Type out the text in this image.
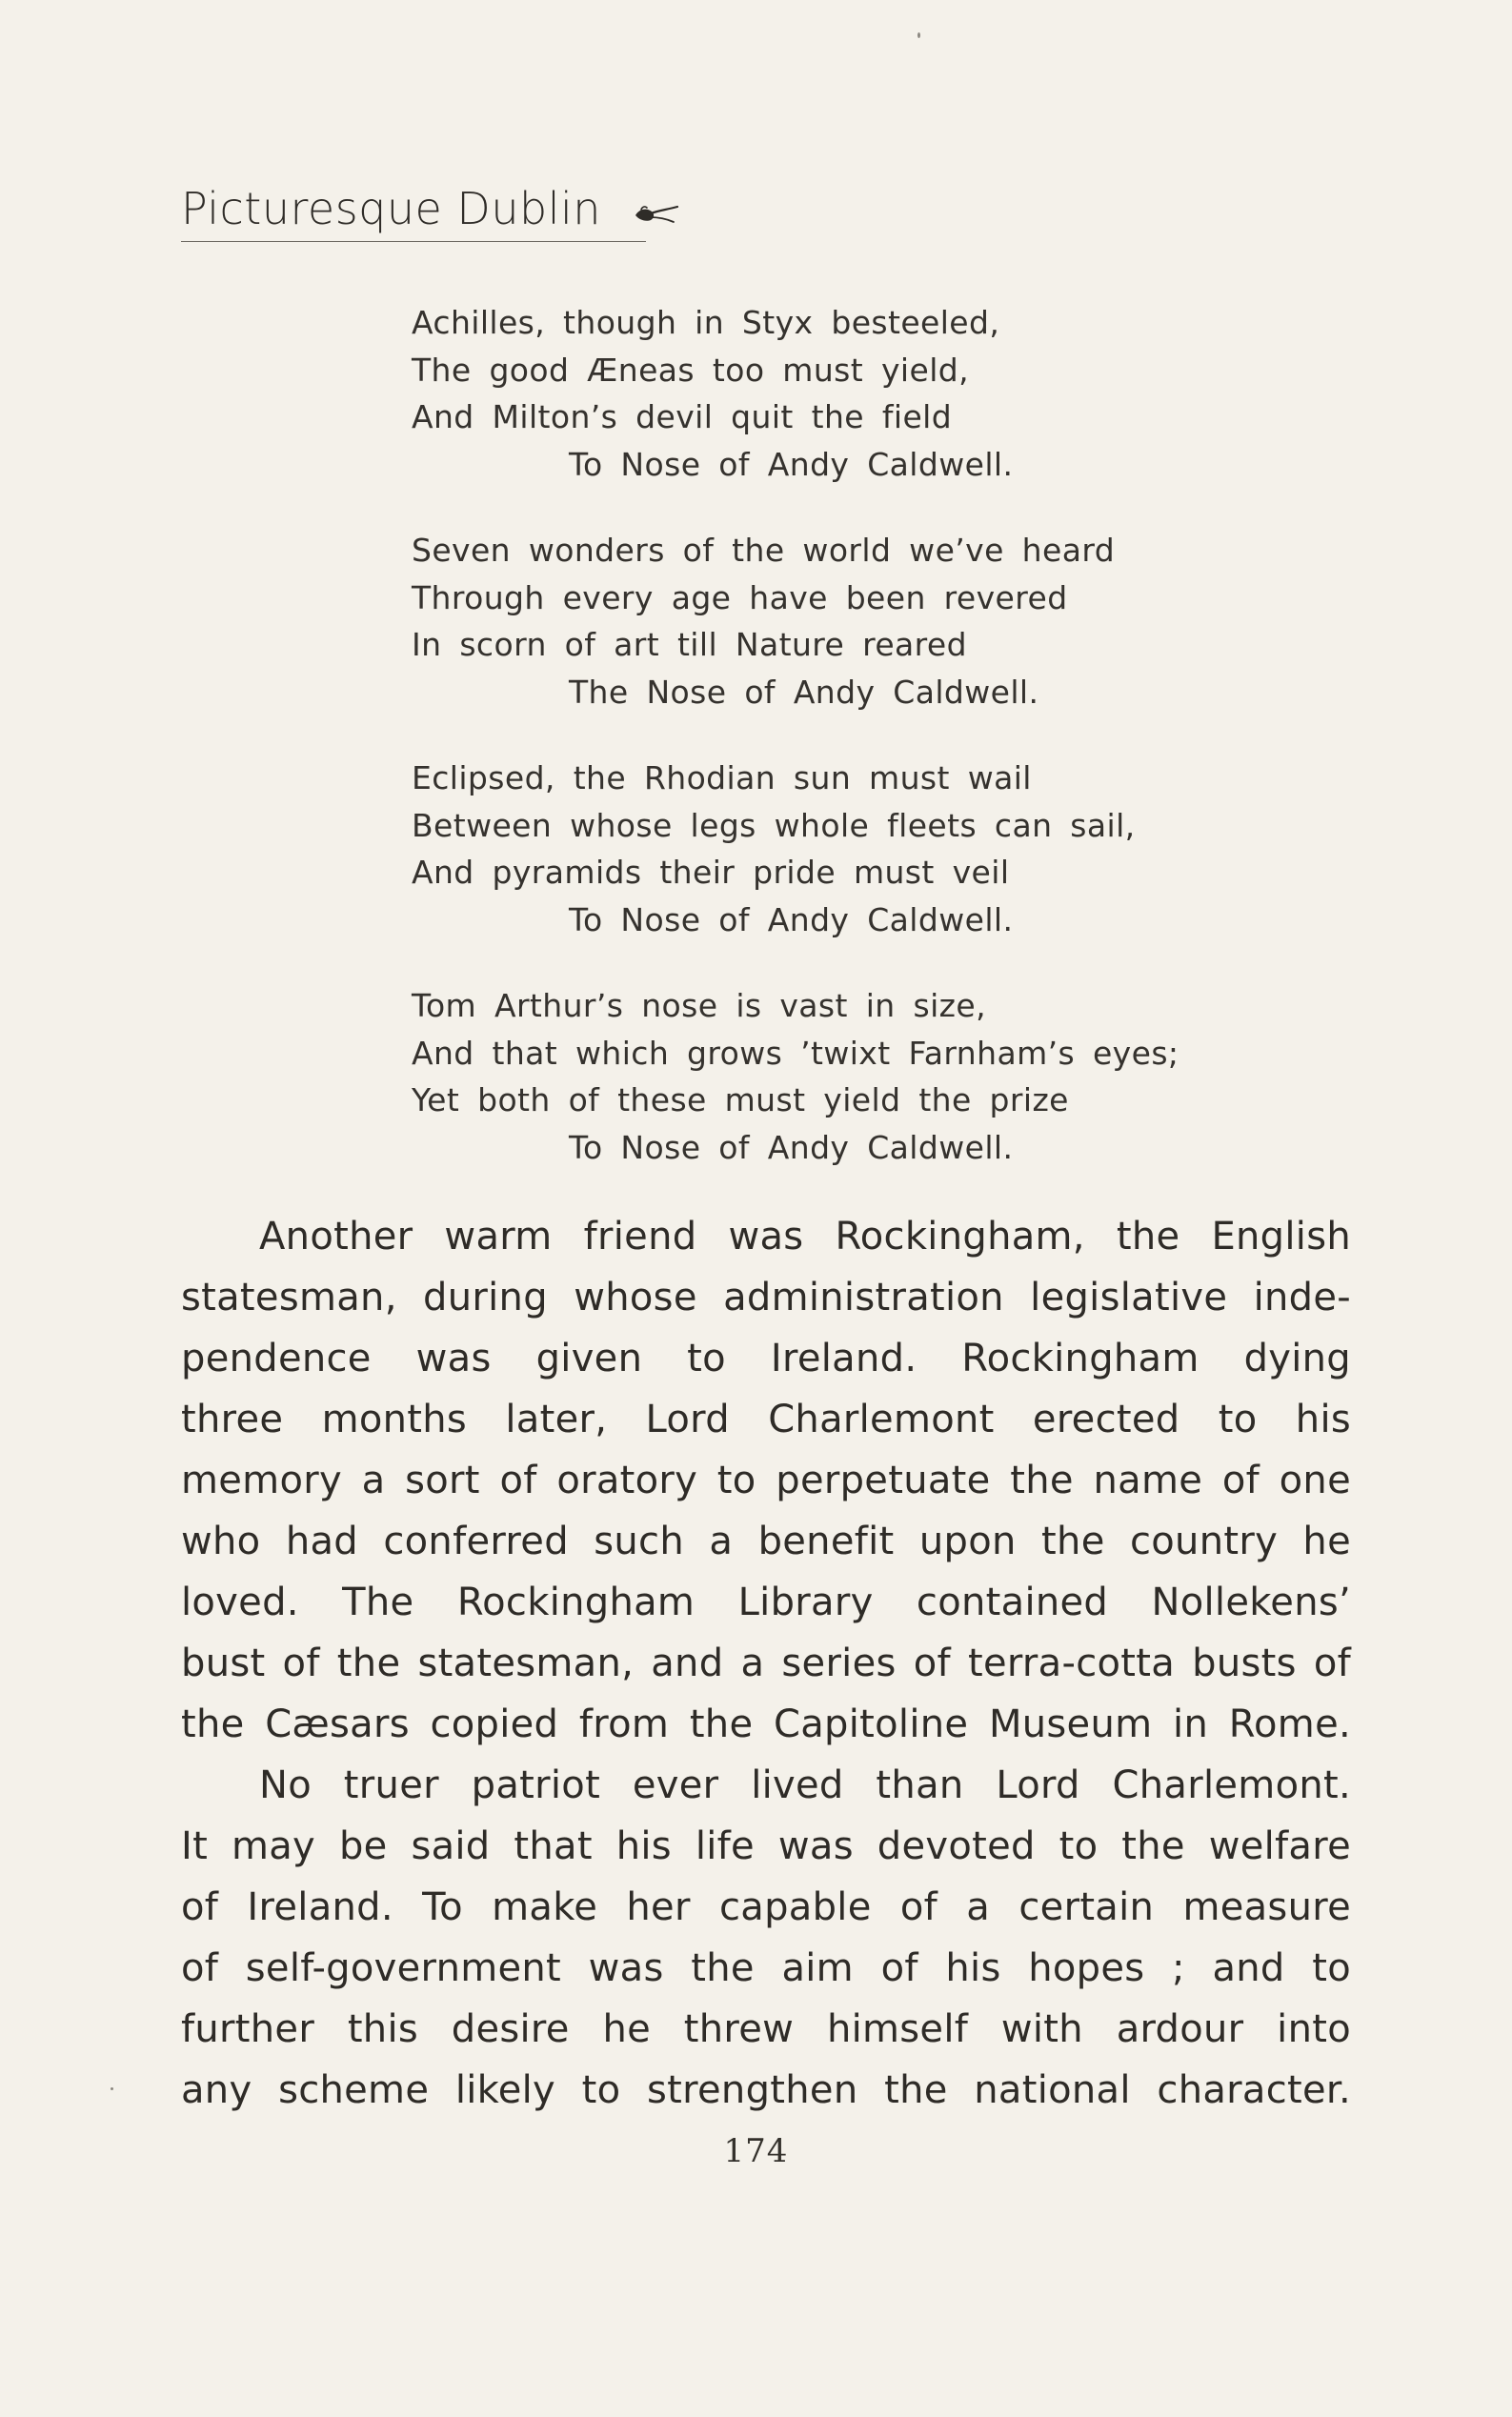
Picturesque Dublin
Achilles, though in Styx besteeled,
The good Æneas too must yield,
And Milton’s devil quit the field
To Nose of Andy Caldwell.
Seven wonders of the world we’ve heard
Through every age have been revered
In scorn of art till Nature reared
The Nose of Andy Caldwell.
Eclipsed, the Rhodian sun must wail
Between whose legs whole fleets can sail,
And pyramids their pride must veil
To Nose of Andy Caldwell.
Tom Arthur’s nose is vast in size,
And that which grows ’twixt Farnham’s eyes;
Yet both of these must yield the prize
To Nose of Andy Caldwell.
Another warm friend was Rockingham, the English
statesman, during whose administration legislative inde-
pendence was given to Ireland. Rockingham dying
three months later, Lord Charlemont erected to his
memory a sort of oratory to perpetuate the name of one
who had conferred such a benefit upon the country he
loved. The Rockingham Library contained Nollekens’
bust of the statesman, and a series of terra-cotta busts of
the Cæsars copied from the Capitoline Museum in Rome.
No truer patriot ever lived than Lord Charlemont.
It may be said that his life was devoted to the welfare
of Ireland. To make her capable of a certain measure
of self-government was the aim of his hopes ; and to
further this desire he threw himself with ardour into
any scheme likely to strengthen the national character.
174
